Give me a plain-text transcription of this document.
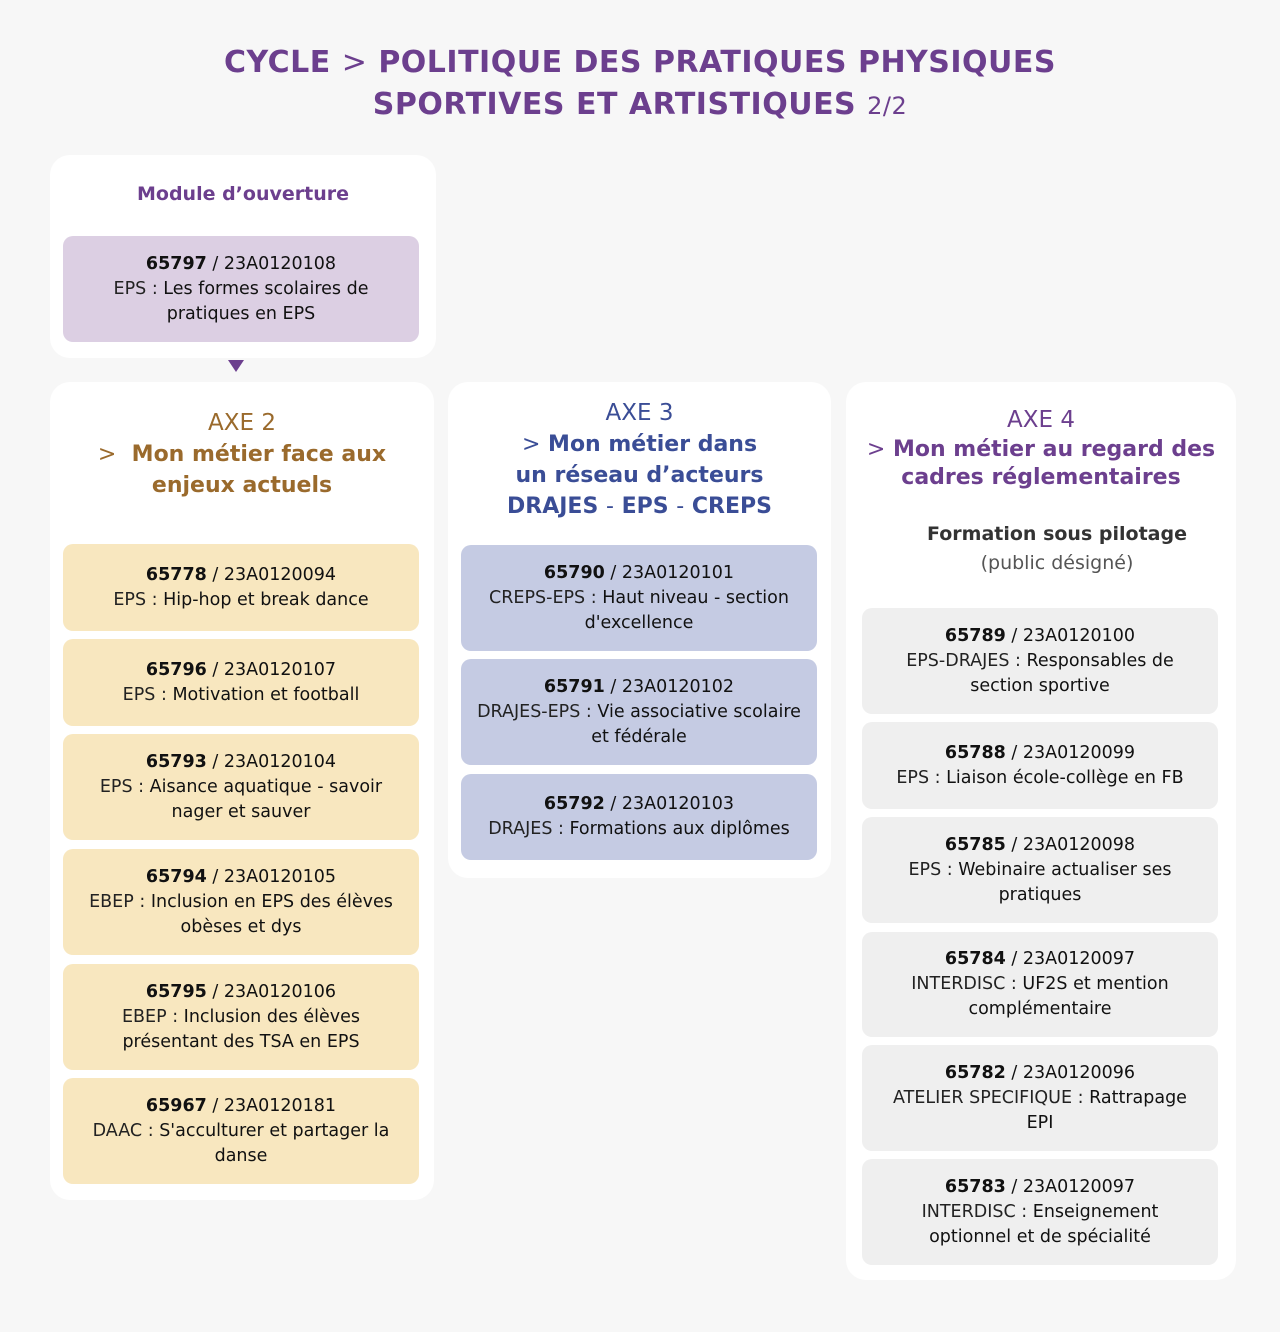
CYCLE > POLITIQUE DES PRATIQUES PHYSIQUES
SPORTIVES ET ARTISTIQUES 2/2
Module d’ouverture
65797 / 23A0120108
EPS : Les formes scolaires de
pratiques en EPS
AXE 2
> Mon métier face aux
enjeux actuels
65778 / 23A0120094
EPS : Hip-hop et break dance
65796 / 23A0120107
EPS : Motivation et football
65793 / 23A0120104
EPS : Aisance aquatique - savoir
nager et sauver
65794 / 23A0120105
EBEP : Inclusion en EPS des élèves
obèses et dys
65795 / 23A0120106
EBEP : Inclusion des élèves
présentant des TSA en EPS
65967 / 23A0120181
DAAC : S'acculturer et partager la
danse
AXE 3
> Mon métier dans
un réseau d’acteurs
DRAJES - EPS - CREPS
65790 / 23A0120101
CREPS-EPS : Haut niveau - section
d'excellence
65791 / 23A0120102
DRAJES-EPS : Vie associative scolaire
et fédérale
65792 / 23A0120103
DRAJES : Formations aux diplômes
AXE 4
> Mon métier au regard des
cadres réglementaires
Formation sous pilotage
(public désigné)
65789 / 23A0120100
EPS-DRAJES : Responsables de
section sportive
65788 / 23A0120099
EPS : Liaison école-collège en FB
65785 / 23A0120098
EPS : Webinaire actualiser ses
pratiques
65784 / 23A0120097
INTERDISC : UF2S et mention
complémentaire
65782 / 23A0120096
ATELIER SPECIFIQUE : Rattrapage
EPI
65783 / 23A0120097
INTERDISC : Enseignement
optionnel et de spécialité
